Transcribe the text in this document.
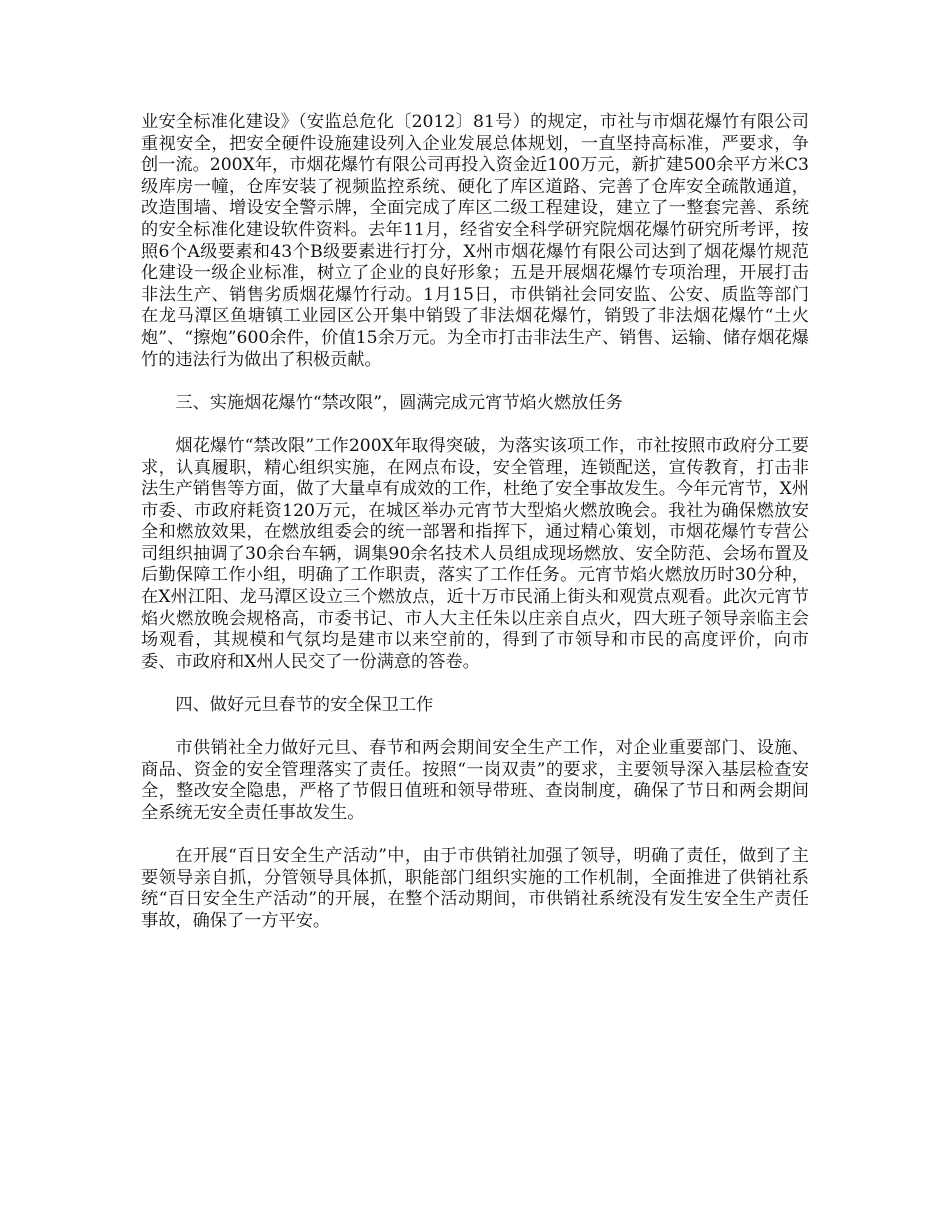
业安全标准化建设》（安监总危化〔2012〕81号）的规定，市社与市烟花爆竹有限公司重视安全，把安全硬件设施建设列入企业发展总体规划，一直坚持高标准，严要求，争创一流。200X年，市烟花爆竹有限公司再投入资金近100万元，新扩建500余平方米C3级库房一幢，仓库安装了视频监控系统、硬化了库区道路、完善了仓库安全疏散通道，改造围墙、增设安全警示牌，全面完成了库区二级工程建设，建立了一整套完善、系统的安全标准化建设软件资料。去年11月，经省安全科学研究院烟花爆竹研究所考评，按照6个A级要素和43个B级要素进行打分，X州市烟花爆竹有限公司达到了烟花爆竹规范化建设一级企业标准，树立了企业的良好形象；五是开展烟花爆竹专项治理，开展打击非法生产、销售劣质烟花爆竹行动。1月15日，市供销社会同安监、公安、质监等部门在龙马潭区鱼塘镇工业园区公开集中销毁了非法烟花爆竹，销毁了非法烟花爆竹“土火炮”、“擦炮”600余件，价值15余万元。为全市打击非法生产、销售、运输、储存烟花爆竹的违法行为做出了积极贡献。

三、实施烟花爆竹“禁改限”，圆满完成元宵节焰火燃放任务

烟花爆竹“禁改限”工作200X年取得突破，为落实该项工作，市社按照市政府分工要求，认真履职，精心组织实施，在网点布设，安全管理，连锁配送，宣传教育，打击非法生产销售等方面，做了大量卓有成效的工作，杜绝了安全事故发生。今年元宵节，X州市委、市政府耗资120万元，在城区举办元宵节大型焰火燃放晚会。我社为确保燃放安全和燃放效果，在燃放组委会的统一部署和指挥下，通过精心策划，市烟花爆竹专营公司组织抽调了30余台车辆，调集90余名技术人员组成现场燃放、安全防范、会场布置及后勤保障工作小组，明确了工作职责，落实了工作任务。元宵节焰火燃放历时30分种，在X州江阳、龙马潭区设立三个燃放点，近十万市民涌上街头和观赏点观看。此次元宵节焰火燃放晚会规格高，市委书记、市人大主任朱以庄亲自点火，四大班子领导亲临主会场观看，其规模和气氛均是建市以来空前的，得到了市领导和市民的高度评价，向市委、市政府和X州人民交了一份满意的答卷。

四、做好元旦春节的安全保卫工作

市供销社全力做好元旦、春节和两会期间安全生产工作，对企业重要部门、设施、商品、资金的安全管理落实了责任。按照“一岗双责”的要求，主要领导深入基层检查安全，整改安全隐患，严格了节假日值班和领导带班、查岗制度，确保了节日和两会期间全系统无安全责任事故发生。

在开展“百日安全生产活动”中，由于市供销社加强了领导，明确了责任，做到了主要领导亲自抓，分管领导具体抓，职能部门组织实施的工作机制，全面推进了供销社系统“百日安全生产活动”的开展，在整个活动期间，市供销社系统没有发生安全生产责任事故，确保了一方平安。
